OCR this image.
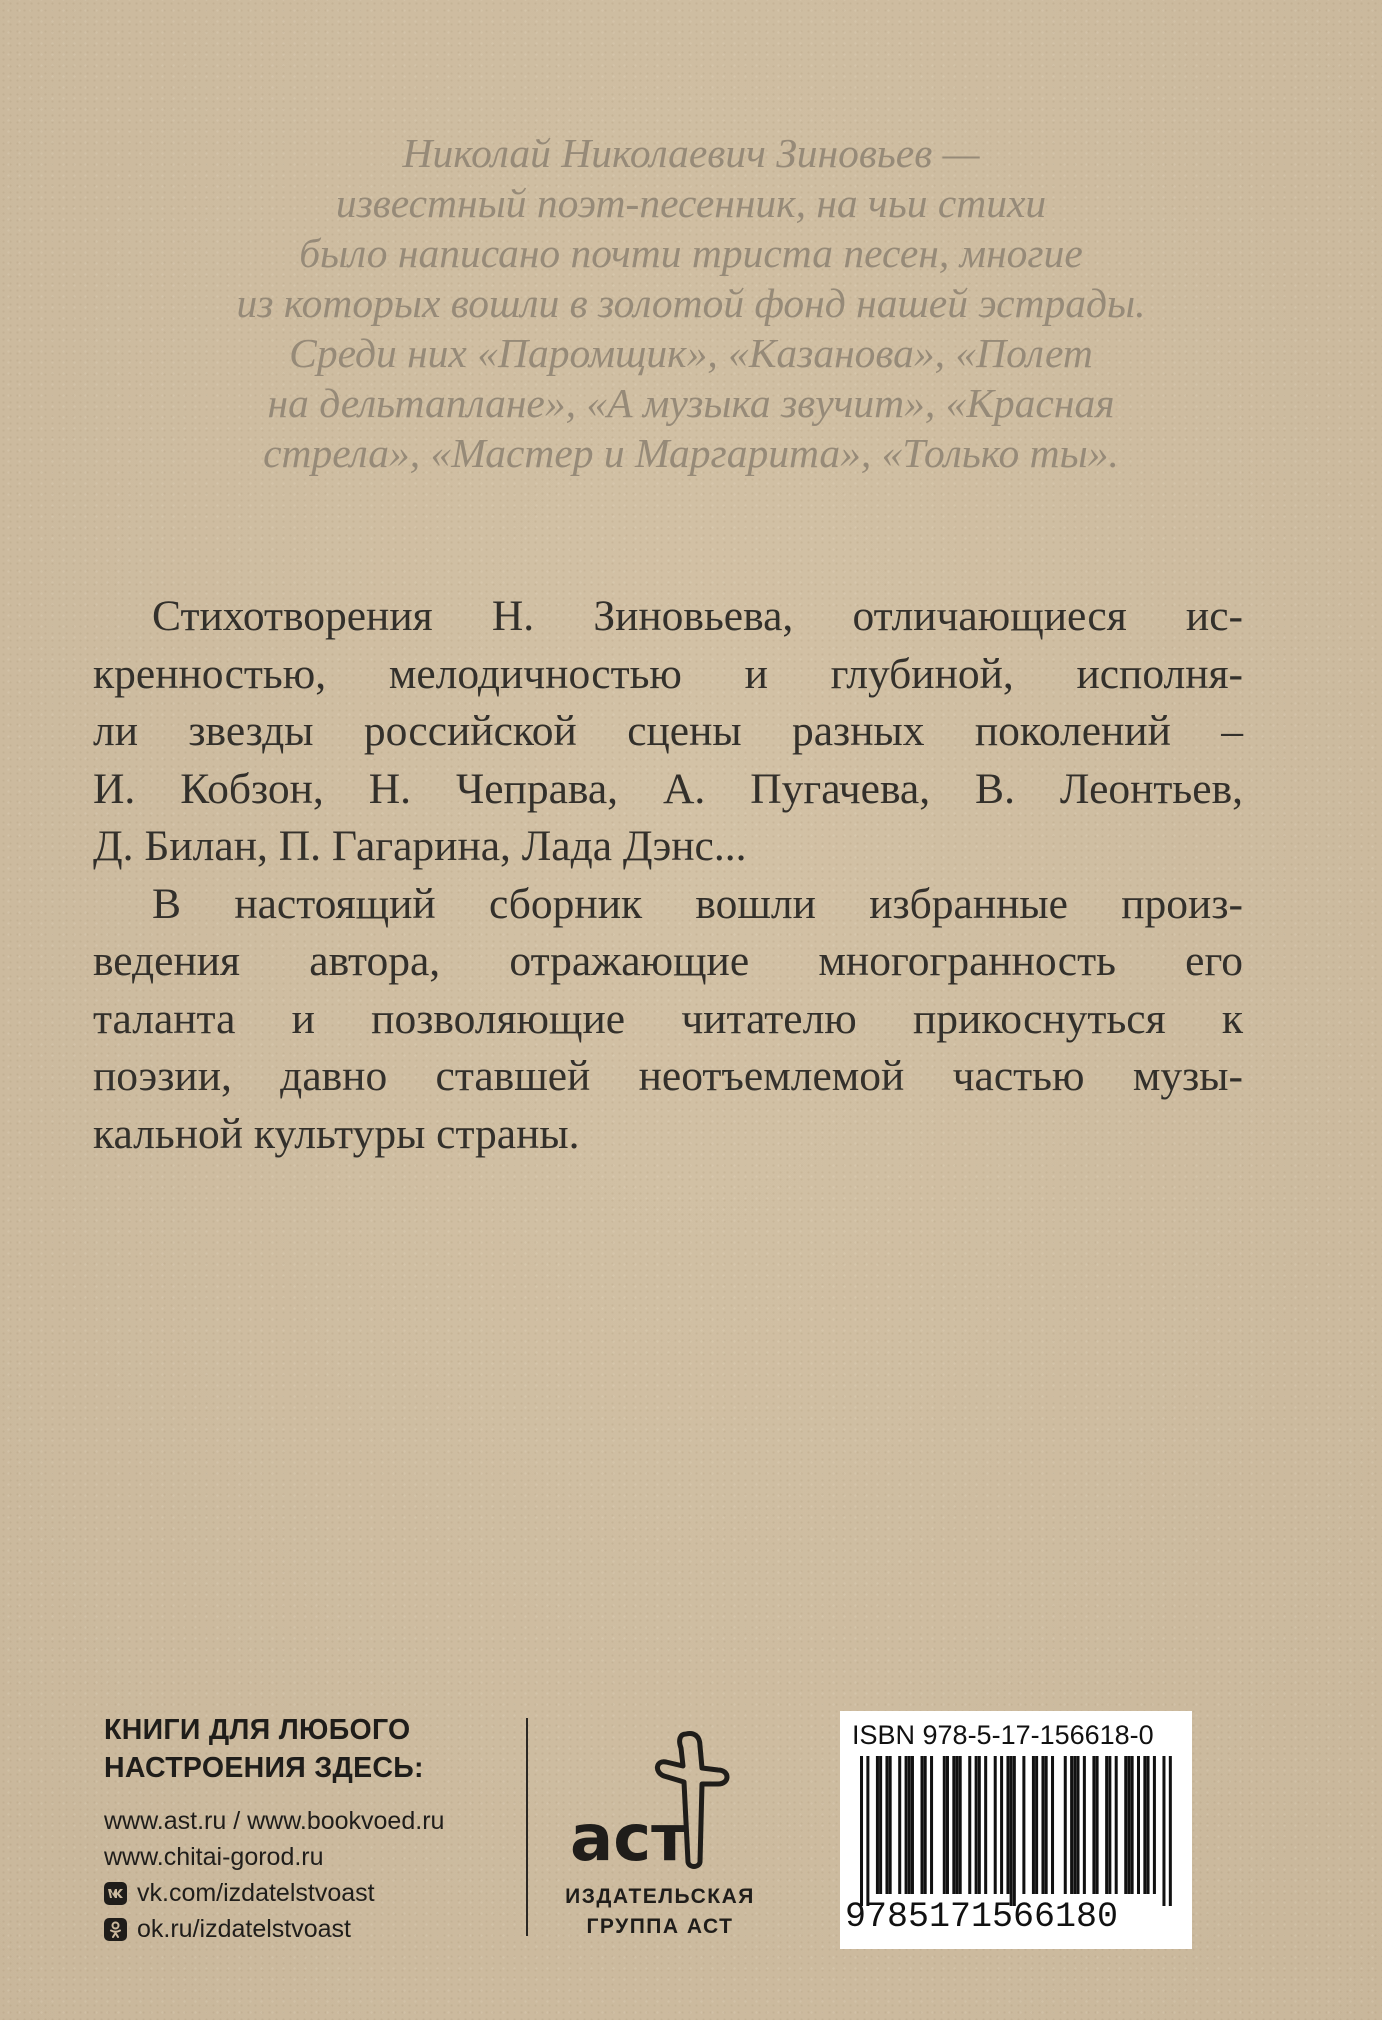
Николай Николаевич Зиновьев —
известный поэт-песенник, на чьи стихи
было написано почти триста песен, многие
из которых вошли в золотой фонд нашей эстрады.
Среди них «Паромщик», «Казанова», «Полет
на дельтаплане», «А музыка звучит», «Красная
стрела», «Мастер и Маргарита», «Только ты».
Стихотворения Н. Зиновьева, отличающиеся ис-
кренностью, мелодичностью и глубиной, исполня-
ли звезды российской сцены разных поколений –
И. Кобзон, Н. Чеправа, А. Пугачева, В. Леонтьев,
Д. Билан, П. Гагарина, Лада Дэнс...
В настоящий сборник вошли избранные произ-
ведения автора, отражающие многогранность его
таланта и позволяющие читателю прикоснуться к
поэзии, давно ставшей неотъемлемой частью музы-
кальной культуры страны.
КНИГИ ДЛЯ ЛЮБОГО
НАСТРОЕНИЯ ЗДЕСЬ:
www.ast.ru / www.bookvoed.ru
www.chitai-gorod.ru
vk.com/izdatelstvoast
ok.ru/izdatelstvoast
аст
ИЗДАТЕЛЬСКАЯ
ГРУППА АСТ
ISBN 978-5-17-156618-0
9785171566180
